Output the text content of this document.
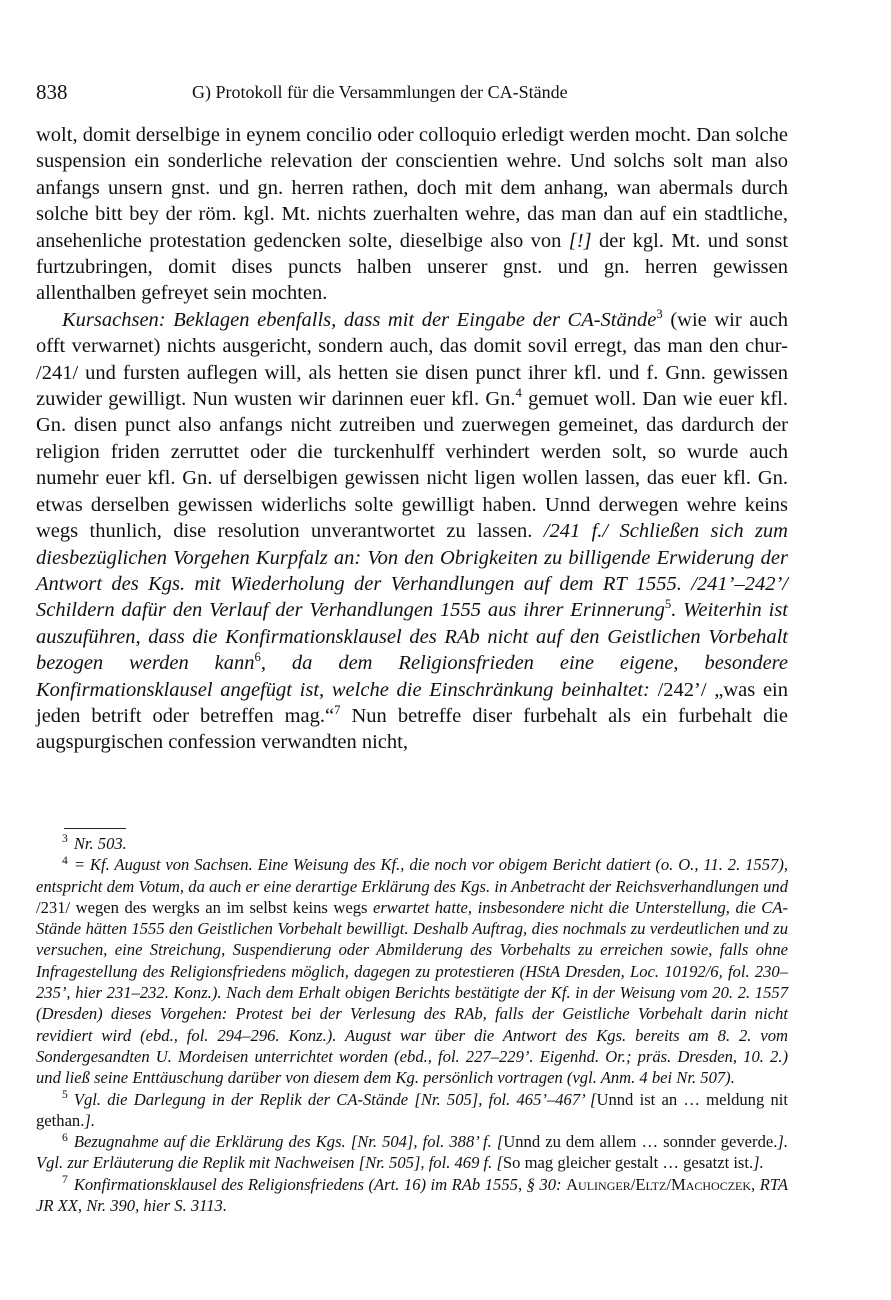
838	G) Protokoll für die Versammlungen der CA-Stände

wolt, domit derselbige in eynem concilio oder colloquio erledigt werden mocht. Dan solche suspension ein sonderliche relevation der conscientien wehre. Und solchs solt man also anfangs unsern gnst. und gn. herren rathen, doch mit dem anhang, wan abermals durch solche bitt bey der röm. kgl. Mt. nichts zuerhalten wehre, das man dan auf ein stadtliche, ansehenliche protestation gedencken solte, dieselbige also von [!] der kgl. Mt. und sonst furtzubringen, domit dises puncts halben unserer gnst. und gn. herren gewissen allenthalben gefreyet sein mochten.

Kursachsen: Beklagen ebenfalls, dass mit der Eingabe der CA-Stände$^3$ (wie wir auch offt verwarnet) nichts ausgericht, sondern auch, das domit sovil erregt, das man den chur- /241/ und fursten auflegen will, als hetten sie disen punct ihrer kfl. und f. Gnn. gewissen zuwider gewilligt. Nun wusten wir darinnen euer kfl. Gn.$^4$ gemuet woll. Dan wie euer kfl. Gn. disen punct also anfangs nicht zutreiben und zuerwegen gemeinet, das dardurch der religion friden zerruttet oder die turckenhulff verhindert werden solt, so wurde auch numehr euer kfl. Gn. uf derselbigen gewissen nicht ligen wollen lassen, das euer kfl. Gn. etwas derselben gewissen widerlichs solte gewilligt haben. Unnd derwegen wehre keins wegs thunlich, dise resolution unverantwortet zu lassen. /241 f./ Schließen sich zum diesbezüglichen Vorgehen Kurpfalz an: Von den Obrigkeiten zu billigende Erwiderung der Antwort des Kgs. mit Wiederholung der Verhandlungen auf dem RT 1555. /241’–242’/ Schildern dafür den Verlauf der Verhandlungen 1555 aus ihrer Erinnerung$^5$. Weiterhin ist auszuführen, dass die Konfirmationsklausel des RAb nicht auf den Geistlichen Vorbehalt bezogen werden kann$^6$, da dem Religionsfrieden eine eigene, besondere Konfirmationsklausel angefügt ist, welche die Einschränkung beinhaltet: /242’/ „was ein jeden betrift oder betreffen mag.“$^7$ Nun betreffe diser furbehalt als ein furbehalt die augspurgischen confession verwandten nicht,

$^3$ Nr. 503.

$^4$ = Kf. August von Sachsen. Eine Weisung des Kf., die noch vor obigem Bericht datiert (o. O., 11. 2. 1557), entspricht dem Votum, da auch er eine derartige Erklärung des Kgs. in Anbetracht der Reichsverhandlungen und /231/ wegen des wergks an im selbst keins wegs erwartet hatte, insbesondere nicht die Unterstellung, die CA-Stände hätten 1555 den Geistlichen Vorbehalt bewilligt. Deshalb Auftrag, dies nochmals zu verdeutlichen und zu versuchen, eine Streichung, Suspendierung oder Abmilderung des Vorbehalts zu erreichen sowie, falls ohne Infragestellung des Religionsfriedens möglich, dagegen zu protestieren (HStA Dresden, Loc. 10192/6, fol. 230–235’, hier 231–232. Konz.). Nach dem Erhalt obigen Berichts bestätigte der Kf. in der Weisung vom 20. 2. 1557 (Dresden) dieses Vorgehen: Protest bei der Verlesung des RAb, falls der Geistliche Vorbehalt darin nicht revidiert wird (ebd., fol. 294–296. Konz.). August war über die Antwort des Kgs. bereits am 8. 2. vom Sondergesandten U. Mordeisen unterrichtet worden (ebd., fol. 227–229’. Eigenhd. Or.; präs. Dresden, 10. 2.) und ließ seine Enttäuschung darüber von diesem dem Kg. persönlich vortragen (vgl. Anm. 4 bei Nr. 507).

$^5$ Vgl. die Darlegung in der Replik der CA-Stände [Nr. 505], fol. 465’–467’ [Unnd ist an … meldung nit gethan.].

$^6$ Bezugnahme auf die Erklärung des Kgs. [Nr. 504], fol. 388’ f. [Unnd zu dem allem … sonnder geverde.]. Vgl. zur Erläuterung die Replik mit Nachweisen [Nr. 505], fol. 469 f. [So mag gleicher gestalt … gesatzt ist.].

$^7$ Konfirmationsklausel des Religionsfriedens (Art. 16) im RAb 1555, § 30: Aulinger/Eltz/Machoczek, RTA JR XX, Nr. 390, hier S. 3113.
